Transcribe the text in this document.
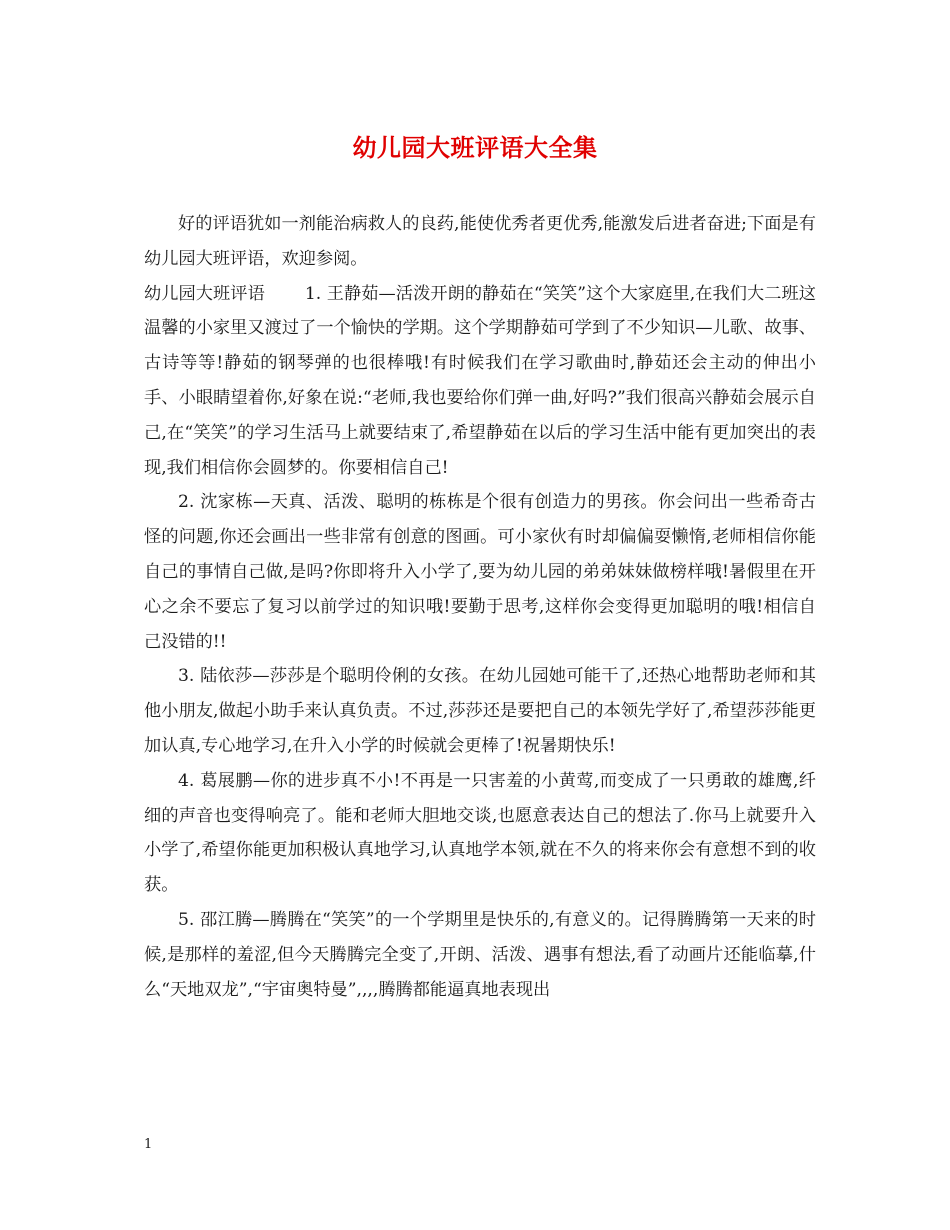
幼儿园大班评语大全集

好的评语犹如一剂能治病救人的良药,能使优秀者更优秀,能激发后进者奋进;下面是有幼儿园大班评语，欢迎参阅。

幼儿园大班评语 1. 王静茹—活泼开朗的静茹在“笑笑”这个大家庭里,在我们大二班这温馨的小家里又渡过了一个愉快的学期。这个学期静茹可学到了不少知识—儿歌、故事、古诗等等!静茹的钢琴弹的也很棒哦!有时候我们在学习歌曲时,静茹还会主动的伸出小手、小眼睛望着你,好象在说:“老师,我也要给你们弹一曲,好吗?”我们很高兴静茹会展示自己,在“笑笑”的学习生活马上就要结束了,希望静茹在以后的学习生活中能有更加突出的表现,我们相信你会圆梦的。你要相信自己!

2. 沈家栋—天真、活泼、聪明的栋栋是个很有创造力的男孩。你会问出一些希奇古怪的问题,你还会画出一些非常有创意的图画。可小家伙有时却偏偏耍懒惰,老师相信你能自己的事情自己做,是吗?你即将升入小学了,要为幼儿园的弟弟妹妹做榜样哦!暑假里在开心之余不要忘了复习以前学过的知识哦!要勤于思考,这样你会变得更加聪明的哦!相信自己没错的!!

3. 陆依莎—莎莎是个聪明伶俐的女孩。在幼儿园她可能干了,还热心地帮助老师和其他小朋友,做起小助手来认真负责。不过,莎莎还是要把自己的本领先学好了,希望莎莎能更加认真,专心地学习,在升入小学的时候就会更棒了!祝暑期快乐!

4. 葛展鹏—你的进步真不小!不再是一只害羞的小黄莺,而变成了一只勇敢的雄鹰,纤细的声音也变得响亮了。能和老师大胆地交谈,也愿意表达自己的想法了.你马上就要升入小学了,希望你能更加积极认真地学习,认真地学本领,就在不久的将来你会有意想不到的收获。

5. 邵江腾—腾腾在“笑笑”的一个学期里是快乐的,有意义的。记得腾腾第一天来的时候,是那样的羞涩,但今天腾腾完全变了,开朗、活泼、遇事有想法,看了动画片还能临摹,什么“天地双龙”,“宇宙奥特曼”,,,,腾腾都能逼真地表现出

1
